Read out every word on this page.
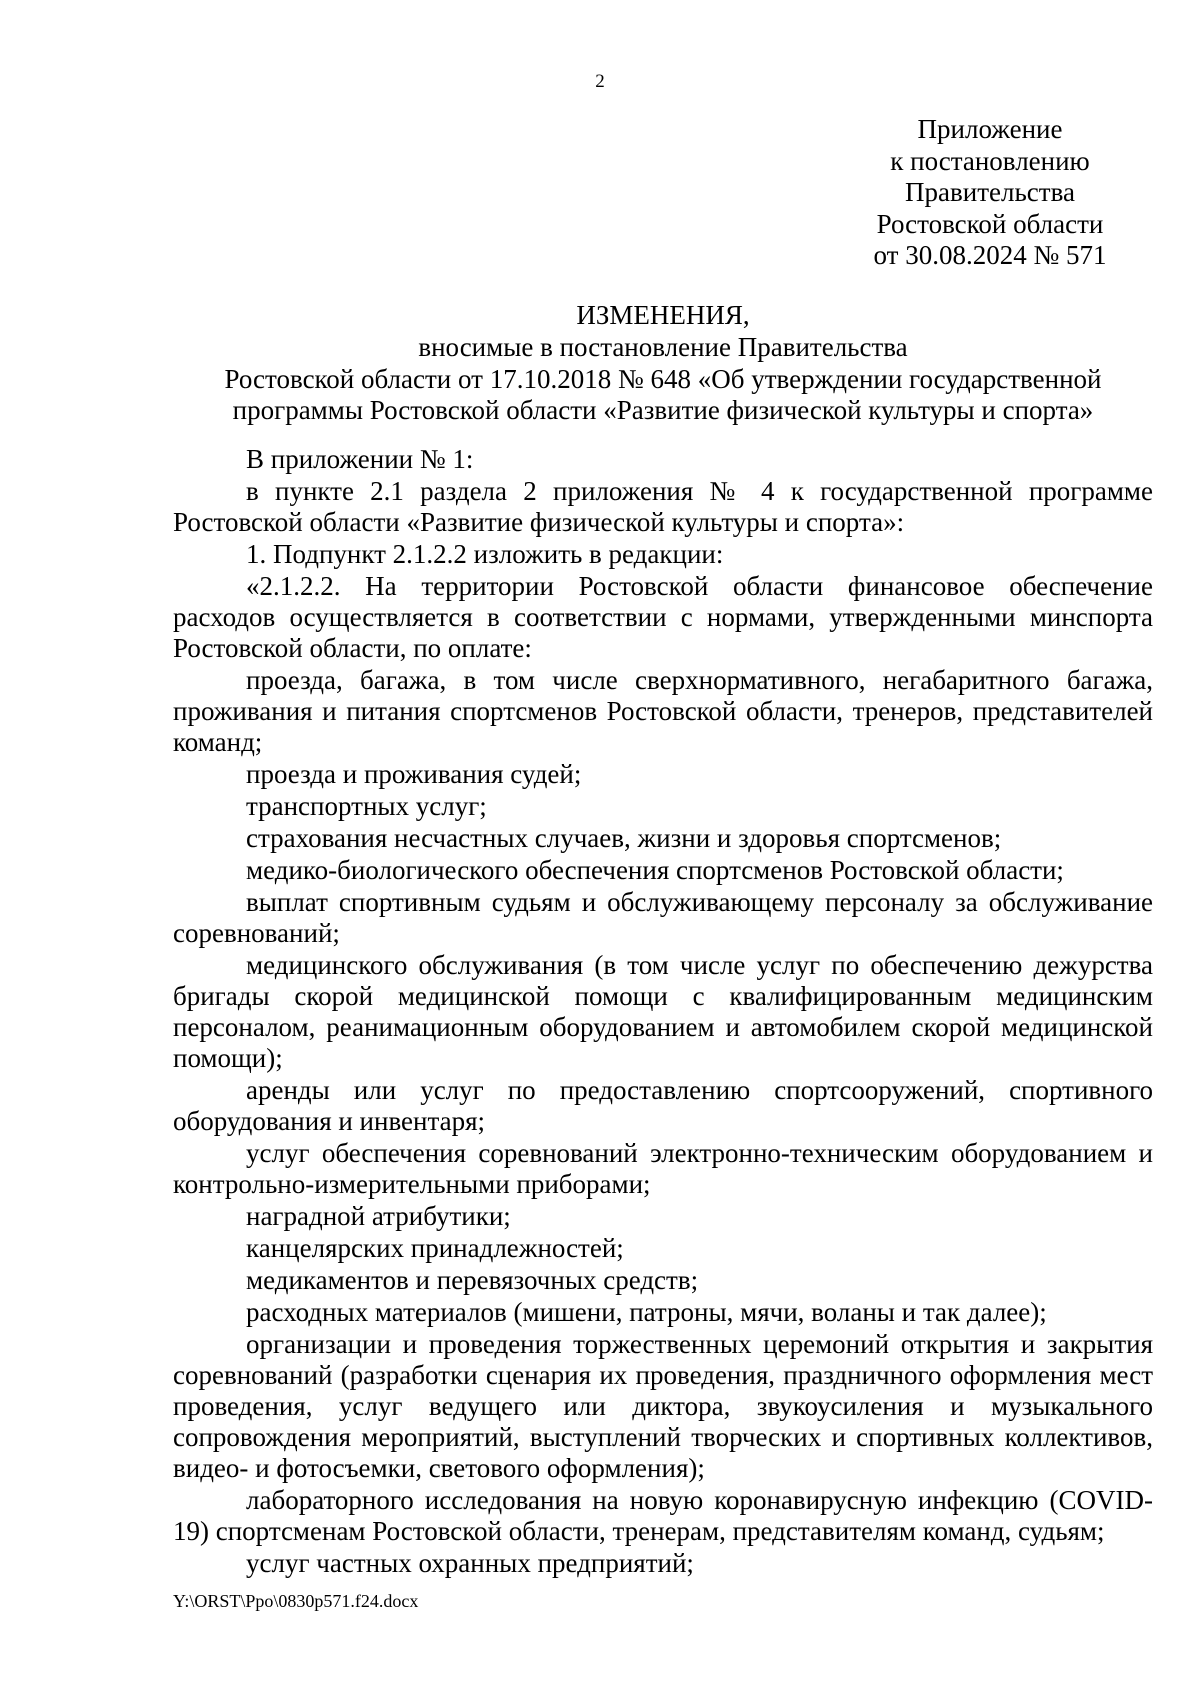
2
Приложение
к постановлению
Правительства
Ростовской области
от 30.08.2024 № 571
ИЗМЕНЕНИЯ,
вносимые в постановление Правительства
Ростовской области от 17.10.2018 № 648 «Об утверждении государственной
программы Ростовской области «Развитие физической культуры и спорта»

В приложении № 1:

в пункте 2.1 раздела 2 приложения № 4 к государственной программе Ростовской области «Развитие физической культуры и спорта»:

1. Подпункт 2.1.2.2 изложить в редакции:

«2.1.2.2. На территории Ростовской области финансовое обеспечение расходов осуществляется в соответствии с нормами, утвержденными минспорта Ростовской области, по оплате:

проезда, багажа, в том числе сверхнормативного, негабаритного багажа, проживания и питания спортсменов Ростовской области, тренеров, представителей команд;

проезда и проживания судей;

транспортных услуг;

страхования несчастных случаев, жизни и здоровья спортсменов;

медико-биологического обеспечения спортсменов Ростовской области;

выплат спортивным судьям и обслуживающему персоналу за обслуживание соревнований;

медицинского обслуживания (в том числе услуг по обеспечению дежурства бригады скорой медицинской помощи с квалифицированным медицинским персоналом, реанимационным оборудованием и автомобилем скорой медицинской помощи);

аренды или услуг по предоставлению спортсооружений, спортивного оборудования и инвентаря;

услуг обеспечения соревнований электронно-техническим оборудованием и контрольно-измерительными приборами;

наградной атрибутики;

канцелярских принадлежностей;

медикаментов и перевязочных средств;

расходных материалов (мишени, патроны, мячи, воланы и так далее);

организации и проведения торжественных церемоний открытия и закрытия соревнований (разработки сценария их проведения, праздничного оформления мест проведения, услуг ведущего или диктора, звукоусиления и музыкального сопровождения мероприятий, выступлений творческих и спортивных коллективов, видео- и фотосъемки, светового оформления);

лабораторного исследования на новую коронавирусную инфекцию (COVID-19) спортсменам Ростовской области, тренерам, представителям команд, судьям;

услуг частных охранных предприятий;

Y:\ORST\Ppo\0830p571.f24.docx
